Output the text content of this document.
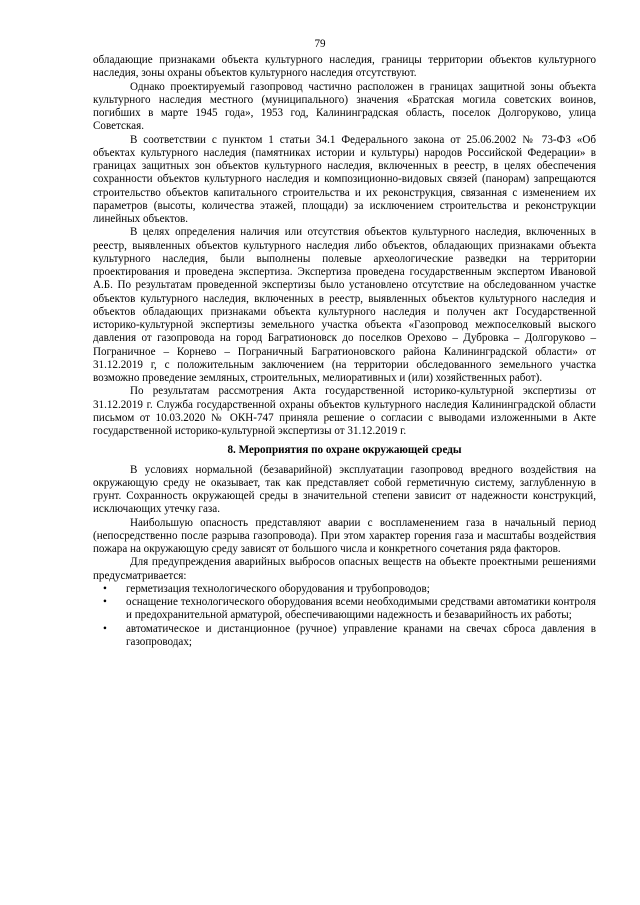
79

обладающие признаками объекта культурного наследия, границы территории объектов культурного наследия, зоны охраны объектов культурного наследия отсутствуют.

Однако проектируемый газопровод частично расположен в границах защитной зоны объекта культурного наследия местного (муниципального) значения «Братская могила советских воинов, погибших в марте 1945 года», 1953 год, Калининградская область, поселок Долгоруково, улица Советская.

В соответствии с пунктом 1 статьи 34.1 Федерального закона от 25.06.2002 № 73-ФЗ «Об объектах культурного наследия (памятниках истории и культуры) народов Российской Федерации» в границах защитных зон объектов культурного наследия, включенных в реестр, в целях обеспечения сохранности объектов культурного наследия и композиционно-видовых связей (панорам) запрещаются строительство объектов капитального строительства и их реконструкция, связанная с изменением их параметров (высоты, количества этажей, площади) за исключением строительства и реконструкции линейных объектов.

В целях определения наличия или отсутствия объектов культурного наследия, включенных в реестр, выявленных объектов культурного наследия либо объектов, обладающих признаками объекта культурного наследия, были выполнены полевые археологические разведки на территории проектирования и проведена экспертиза. Экспертиза проведена государственным экспертом Ивановой А.Б. По результатам проведенной экспертизы было установлено отсутствие на обследованном участке объектов культурного наследия, включенных в реестр, выявленных объектов культурного наследия и объектов обладающих признаками объекта культурного наследия и получен акт Государственной историко-культурной экспертизы земельного участка объекта «Газопровод межпоселковый выского давления от газопровода на город Багратионовск до поселков Орехово – Дубровка – Долгоруково – Пограничное – Корнево – Пограничный Багратионовского района Калининградской области» от 31.12.2019 г, с положительным заключением (на территории обследованного земельного участка возможно проведение земляных, строительных, мелиоративных и (или) хозяйственных работ).

По результатам рассмотрения Акта государственной историко-культурной экспертизы от 31.12.2019 г. Служба государственной охраны объектов культурного наследия Калининградской области письмом от 10.03.2020 № ОКН-747 приняла решение о согласии с выводами изложенными в Акте государственной историко-культурной экспертизы от 31.12.2019 г.

8. Мероприятия по охране окружающей среды

В условиях нормальной (безаварийной) эксплуатации газопровод вредного воздействия на окружающую среду не оказывает, так как представляет собой герметичную систему, заглубленную в грунт. Сохранность окружающей среды в значительной степени зависит от надежности конструкций, исключающих утечку газа.

Наибольшую опасность представляют аварии с воспламенением газа в начальный период (непосредственно после разрыва газопровода). При этом характер горения газа и масштабы воздействия пожара на окружающую среду зависят от большого числа и конкретного сочетания ряда факторов.

Для предупреждения аварийных выбросов опасных веществ на объекте проектными решениями предусматривается:

• герметизация технологического оборудования и трубопроводов;
• оснащение технологического оборудования всеми необходимыми средствами автоматики контроля и предохранительной арматурой, обеспечивающими надежность и безаварийность их работы;
• автоматическое и дистанционное (ручное) управление кранами на свечах сброса давления в газопроводах;
